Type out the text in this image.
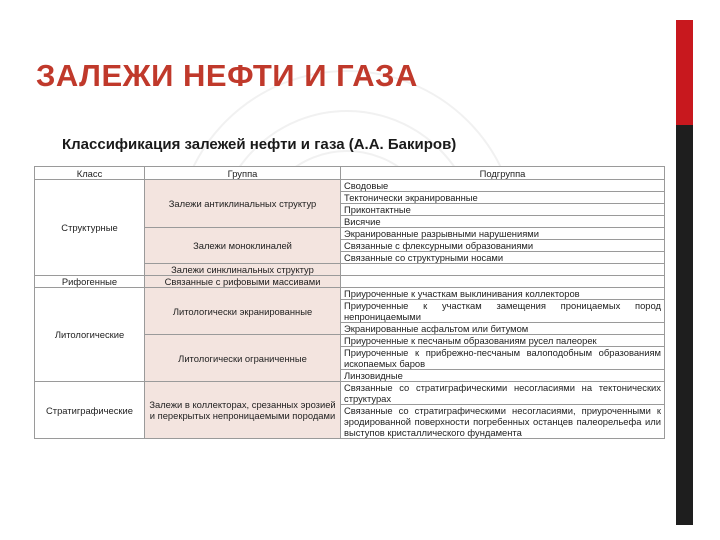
ЗАЛЕЖИ НЕФТИ И ГАЗА
Классификация залежей нефти и газа (А.А. Бакиров)
Класс	Группа	Подгруппа
Структурные	Залежи антиклинальных структур	Сводовые
		Тектонически экранированные
		Приконтактные
		Висячие
	Залежи моноклиналей	Экранированные разрывными нарушениями
		Связанные с флексурными образованиями
		Связанные со структурными носами
	Залежи синклинальных структур	
Рифогенные	Связанные с рифовыми массивами	
Литологические	Литологически экранированные	Приуроченные к участкам выклинивания коллекторов
		Приуроченные к участкам замещения проницаемых пород непроницаемыми
		Экранированные асфальтом или битумом
	Литологически ограниченные	Приуроченные к песчаным образованиям русел палеорек
		Приуроченные к прибрежно-песчаным валоподобным образованиям ископаемых баров
		Линзовидные
Стратиграфические	Залежи в коллекторах, срезанных эрозией и перекрытых непроницаемыми породами	Связанные со стратиграфическими несогласиями на тектонических структурах
		Связанные со стратиграфическими несогласиями, приуроченными к эродированной поверхности погребенных останцев палеорельефа или выступов кристаллического фундамента
